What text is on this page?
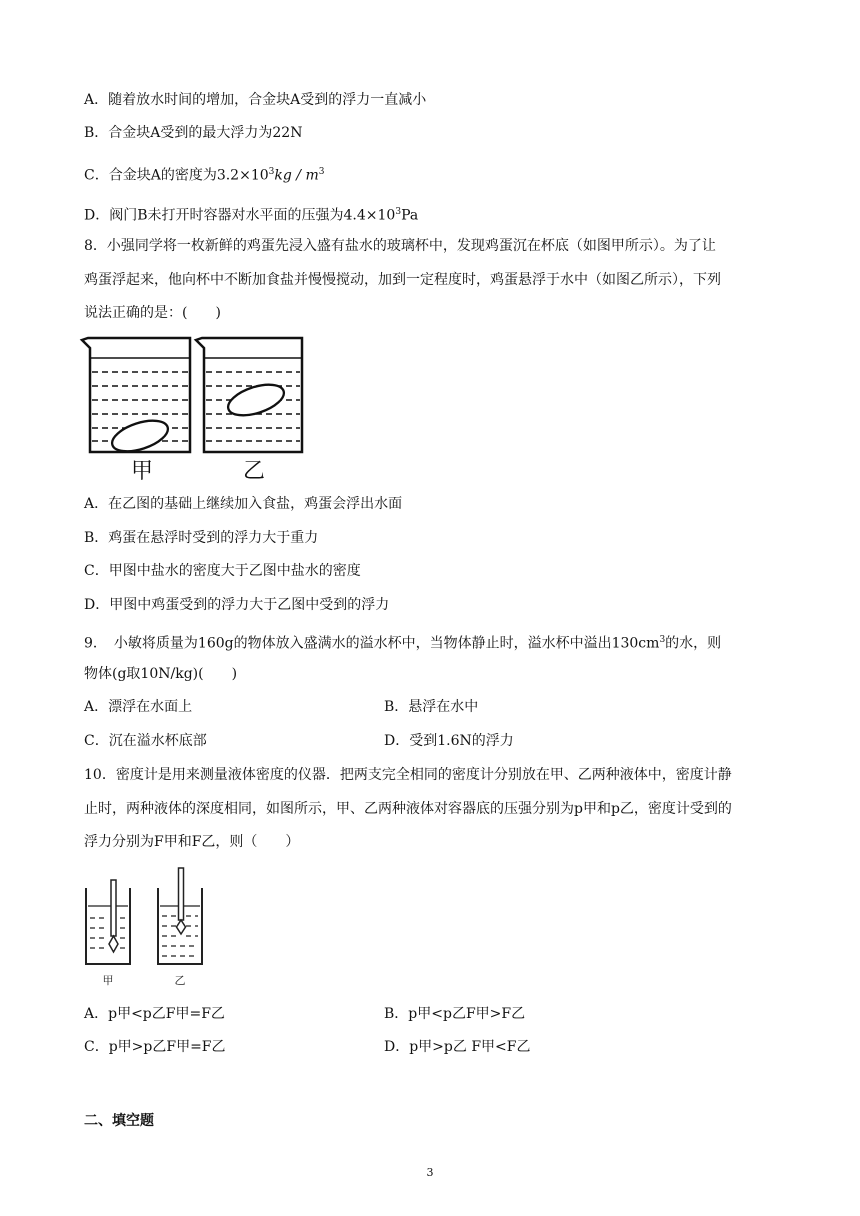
A．随着放水时间的增加，合金块A受到的浮力一直减小
B．合金块A受到的最大浮力为22N
C．合金块A的密度为$3.2\times 10^3kg / m^3$
D．阀门B未打开时容器对水平面的压强为$4.4\times 10^3Pa$
8．小强同学将一枚新鲜的鸡蛋先浸入盛有盐水的玻璃杯中，发现鸡蛋沉在杯底（如图甲所示）。为了让
鸡蛋浮起来，他向杯中不断加食盐并慢慢搅动，加到一定程度时，鸡蛋悬浮于水中（如图乙所示），下列
说法正确的是：(　　)
甲	乙
A．在乙图的基础上继续加入食盐，鸡蛋会浮出水面
B．鸡蛋在悬浮时受到的浮力大于重力
C．甲图中盐水的密度大于乙图中盐水的密度
D．甲图中鸡蛋受到的浮力大于乙图中受到的浮力
9．　小敏将质量为160g的物体放入盛满水的溢水杯中，当物体静止时，溢水杯中溢出$130cm^3$的水，则
物体(g取10N/kg)(　　)
A．漂浮在水面上	B．悬浮在水中
C．沉在溢水杯底部	D．受到1.6N的浮力
10．密度计是用来测量液体密度的仪器．把两支完全相同的密度计分别放在甲、乙两种液体中，密度计静
止时，两种液体的深度相同，如图所示，甲、乙两种液体对容器底的压强分别为p甲和p乙，密度计受到的
浮力分别为F甲和F乙，则（　　）
甲	乙
A．p甲<p乙F甲=F乙	B．p甲<p乙F甲>F乙
C．p甲>p乙F甲=F乙	D．p甲>p乙 F甲<F乙
二、填空题
3
